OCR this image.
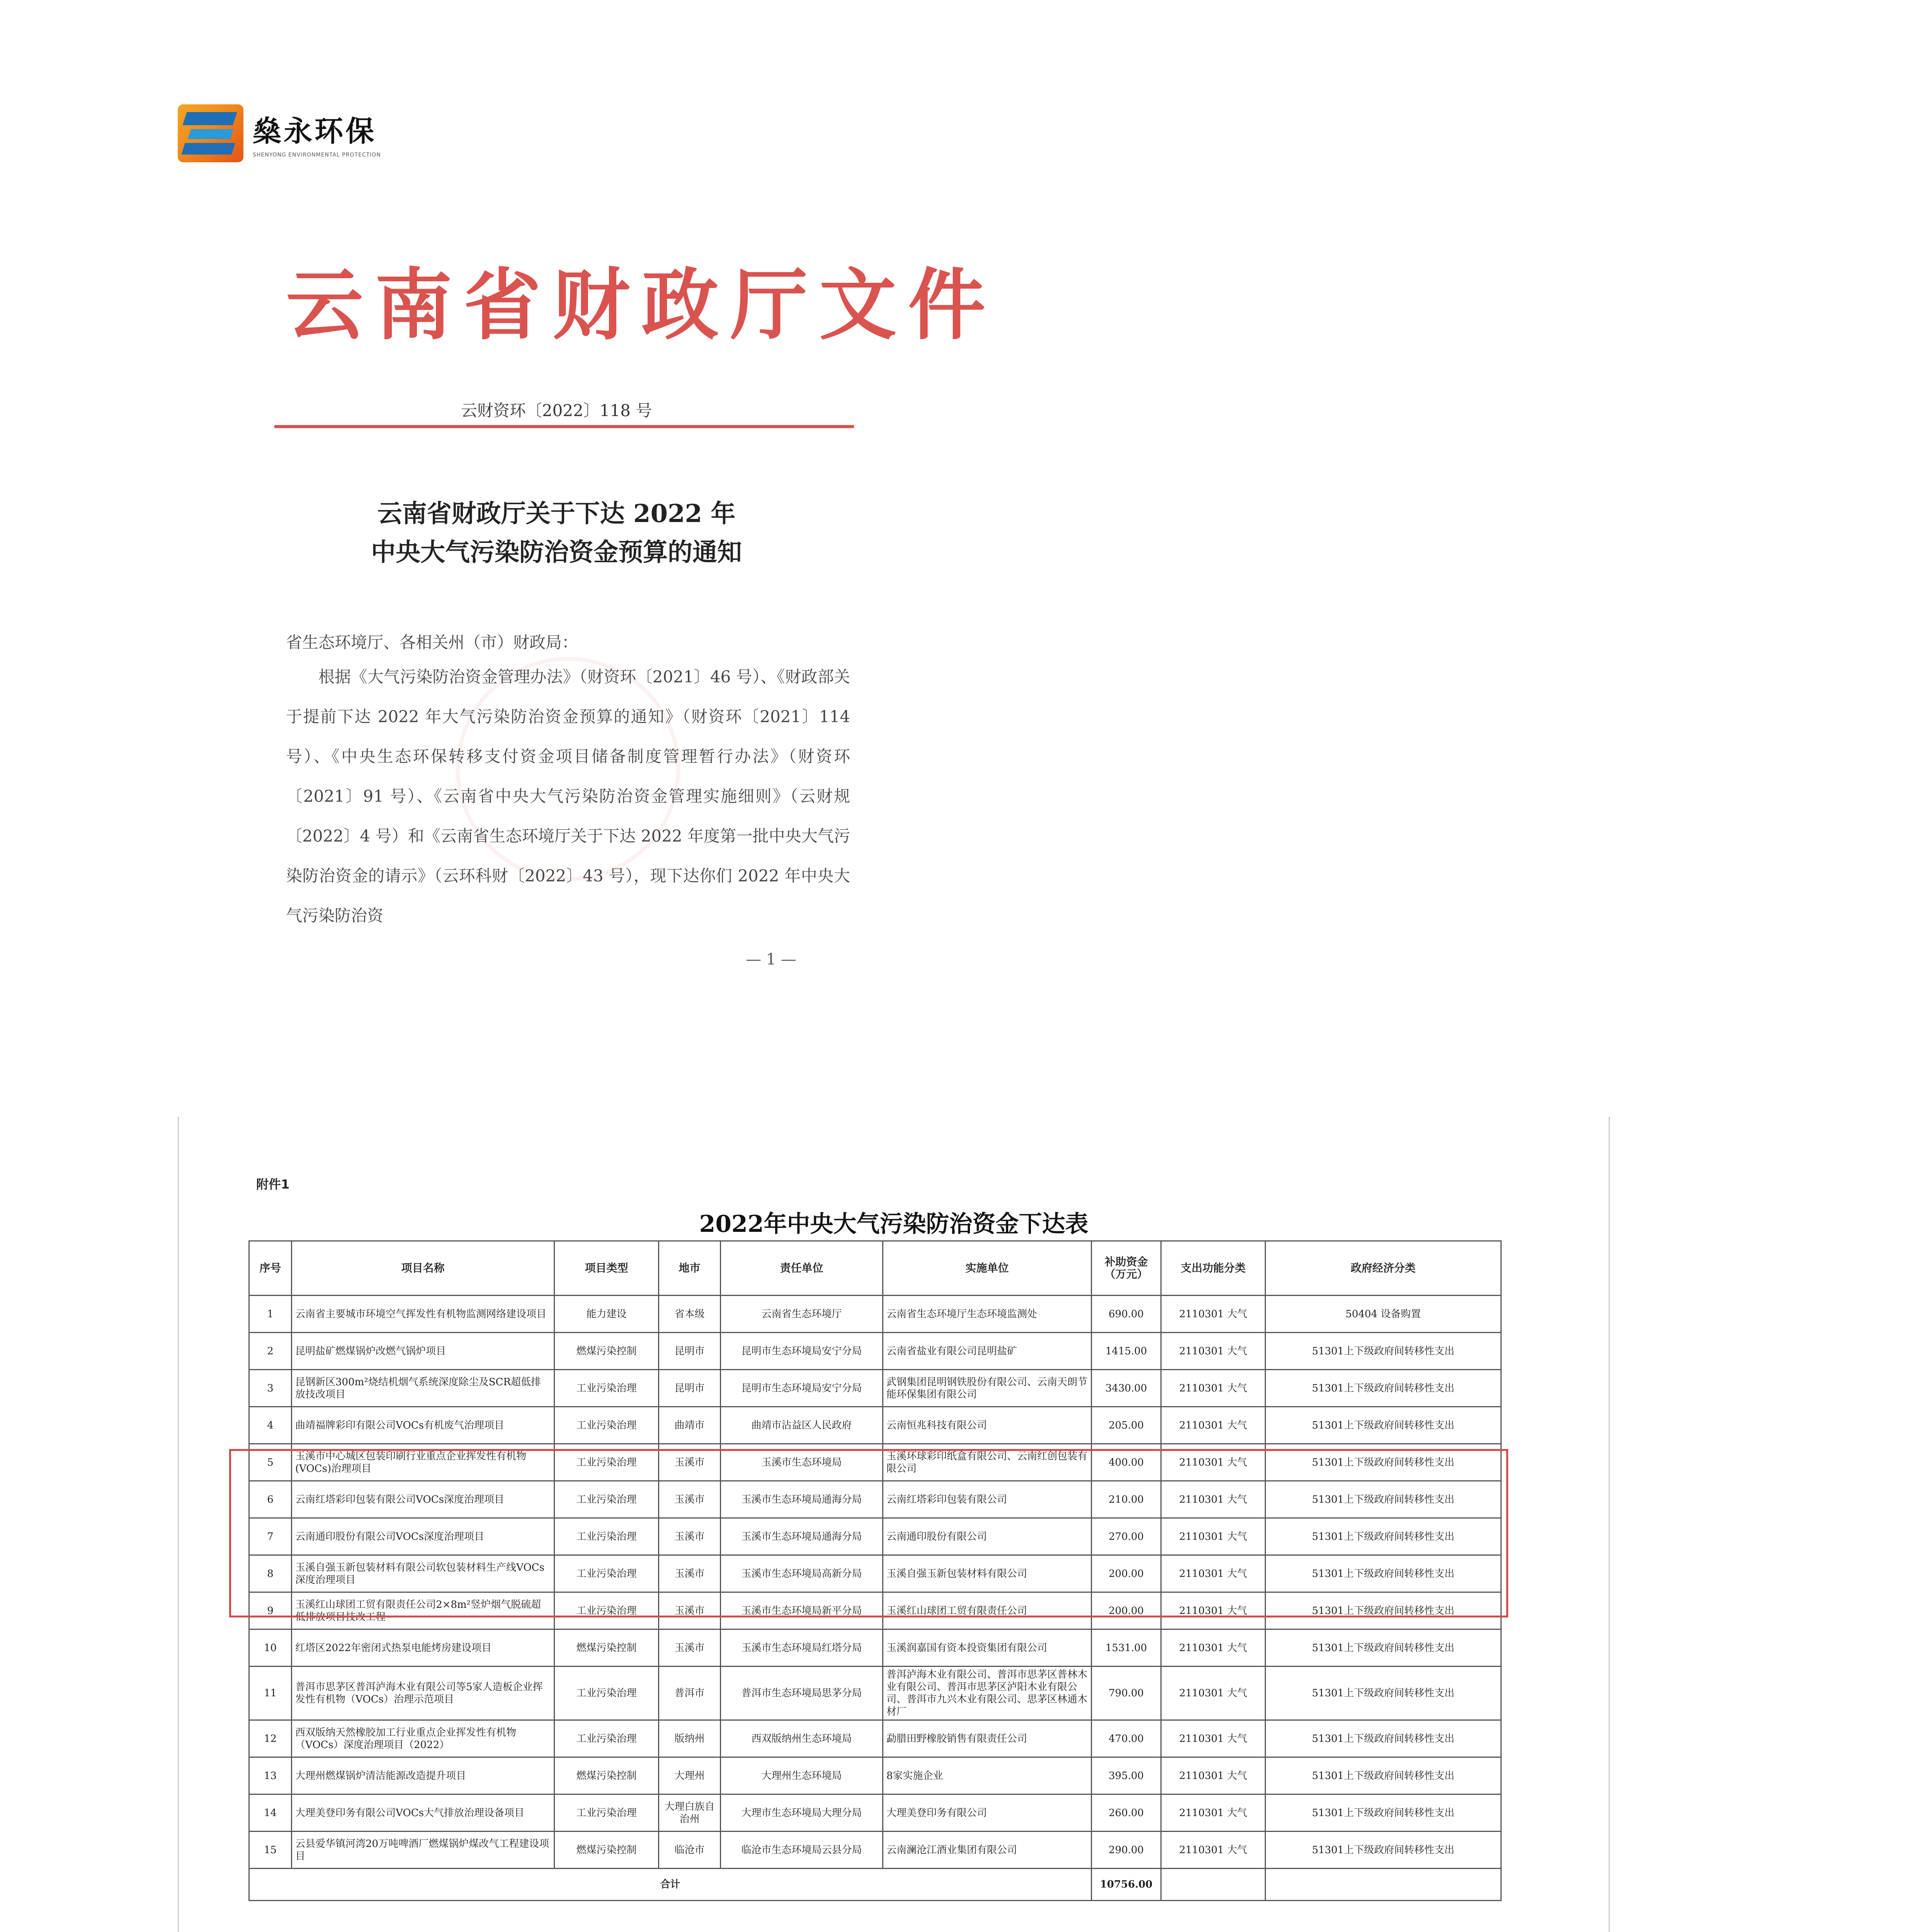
燊永环保
SHENYONG ENVIRONMENTAL PROTECTION
云南省财政厅文件
云财资环〔2022〕118 号
云南省财政厅关于下达 2022 年
中央大气污染防治资金预算的通知
省生态环境厅、各相关州（市）财政局：
根据《大气污染防治资金管理办法》（财资环〔2021〕46 号）、《财政部关于提前下达 2022 年大气污染防治资金预算的通知》（财资环〔2021〕114 号）、《中央生态环保转移支付资金项目储备制度管理暂行办法》（财资环〔2021〕91 号）、《云南省中央大气污染防治资金管理实施细则》（云财规〔2022〕4 号）和《云南省生态环境厅关于下达 2022 年度第一批中央大气污染防治资金的请示》（云环科财〔2022〕43 号），现下达你们 2022 年中央大气污染防治资
— 1 —
附件1
2022年中央大气污染防治资金下达表
序号	项目名称	项目类型	地市	责任单位	实施单位	补助资金（万元）	支出功能分类	政府经济分类
1	云南省主要城市环境空气挥发性有机物监测网络建设项目	能力建设	省本级	云南省生态环境厅	云南省生态环境厅生态环境监测处	690.00	2110301 大气	50404 设备购置
2	昆明盐矿燃煤锅炉改燃气锅炉项目	燃煤污染控制	昆明市	昆明市生态环境局安宁分局	云南省盐业有限公司昆明盐矿	1415.00	2110301 大气	51301上下级政府间转移性支出
3	昆钢新区300m²烧结机烟气系统深度除尘及SCR超低排放技改项目	工业污染治理	昆明市	昆明市生态环境局安宁分局	武钢集团昆明钢铁股份有限公司、云南天朗节能环保集团有限公司	3430.00	2110301 大气	51301上下级政府间转移性支出
4	曲靖福牌彩印有限公司VOCs有机废气治理项目	工业污染治理	曲靖市	曲靖市沾益区人民政府	云南恒兆科技有限公司	205.00	2110301 大气	51301上下级政府间转移性支出
5	玉溪市中心城区包装印刷行业重点企业挥发性有机物(VOCs)治理项目	工业污染治理	玉溪市	玉溪市生态环境局	玉溪环球彩印纸盒有限公司、云南红创包装有限公司	400.00	2110301 大气	51301上下级政府间转移性支出
6	云南红塔彩印包装有限公司VOCs深度治理项目	工业污染治理	玉溪市	玉溪市生态环境局通海分局	云南红塔彩印包装有限公司	210.00	2110301 大气	51301上下级政府间转移性支出
7	云南通印股份有限公司VOCs深度治理项目	工业污染治理	玉溪市	玉溪市生态环境局通海分局	云南通印股份有限公司	270.00	2110301 大气	51301上下级政府间转移性支出
8	玉溪自强玉新包装材料有限公司软包装材料生产线VOCs深度治理项目	工业污染治理	玉溪市	玉溪市生态环境局高新分局	玉溪自强玉新包装材料有限公司	200.00	2110301 大气	51301上下级政府间转移性支出
9	玉溪红山球团工贸有限责任公司2×8m²竖炉烟气脱硫超低排放项目技改工程	工业污染治理	玉溪市	玉溪市生态环境局新平分局	玉溪红山球团工贸有限责任公司	200.00	2110301 大气	51301上下级政府间转移性支出
10	红塔区2022年密闭式热泵电能烤房建设项目	燃煤污染控制	玉溪市	玉溪市生态环境局红塔分局	玉溪润嘉国有资本投资集团有限公司	1531.00	2110301 大气	51301上下级政府间转移性支出
11	普洱市思茅区普洱泸海木业有限公司等5家人造板企业挥发性有机物（VOCs）治理示范项目	工业污染治理	普洱市	普洱市生态环境局思茅分局	普洱泸海木业有限公司、普洱市思茅区普林木业有限公司、普洱市思茅区泸阳木业有限公司、普洱市九兴木业有限公司、思茅区林通木材厂	790.00	2110301 大气	51301上下级政府间转移性支出
12	西双版纳天然橡胶加工行业重点企业挥发性有机物（VOCs）深度治理项目（2022）	工业污染治理	版纳州	西双版纳州生态环境局	勐腊田野橡胶销售有限责任公司	470.00	2110301 大气	51301上下级政府间转移性支出
13	大理州燃煤锅炉清洁能源改造提升项目	燃煤污染控制	大理州	大理州生态环境局	8家实施企业	395.00	2110301 大气	51301上下级政府间转移性支出
14	大理美登印务有限公司VOCs大气排放治理设备项目	工业污染治理	大理白族自治州	大理市生态环境局大理分局	大理美登印务有限公司	260.00	2110301 大气	51301上下级政府间转移性支出
15	云县爱华镇河湾20万吨啤酒厂燃煤锅炉煤改气工程建设项目	燃煤污染控制	临沧市	临沧市生态环境局云县分局	云南澜沧江酒业集团有限公司	290.00	2110301 大气	51301上下级政府间转移性支出
合计						10756.00		
